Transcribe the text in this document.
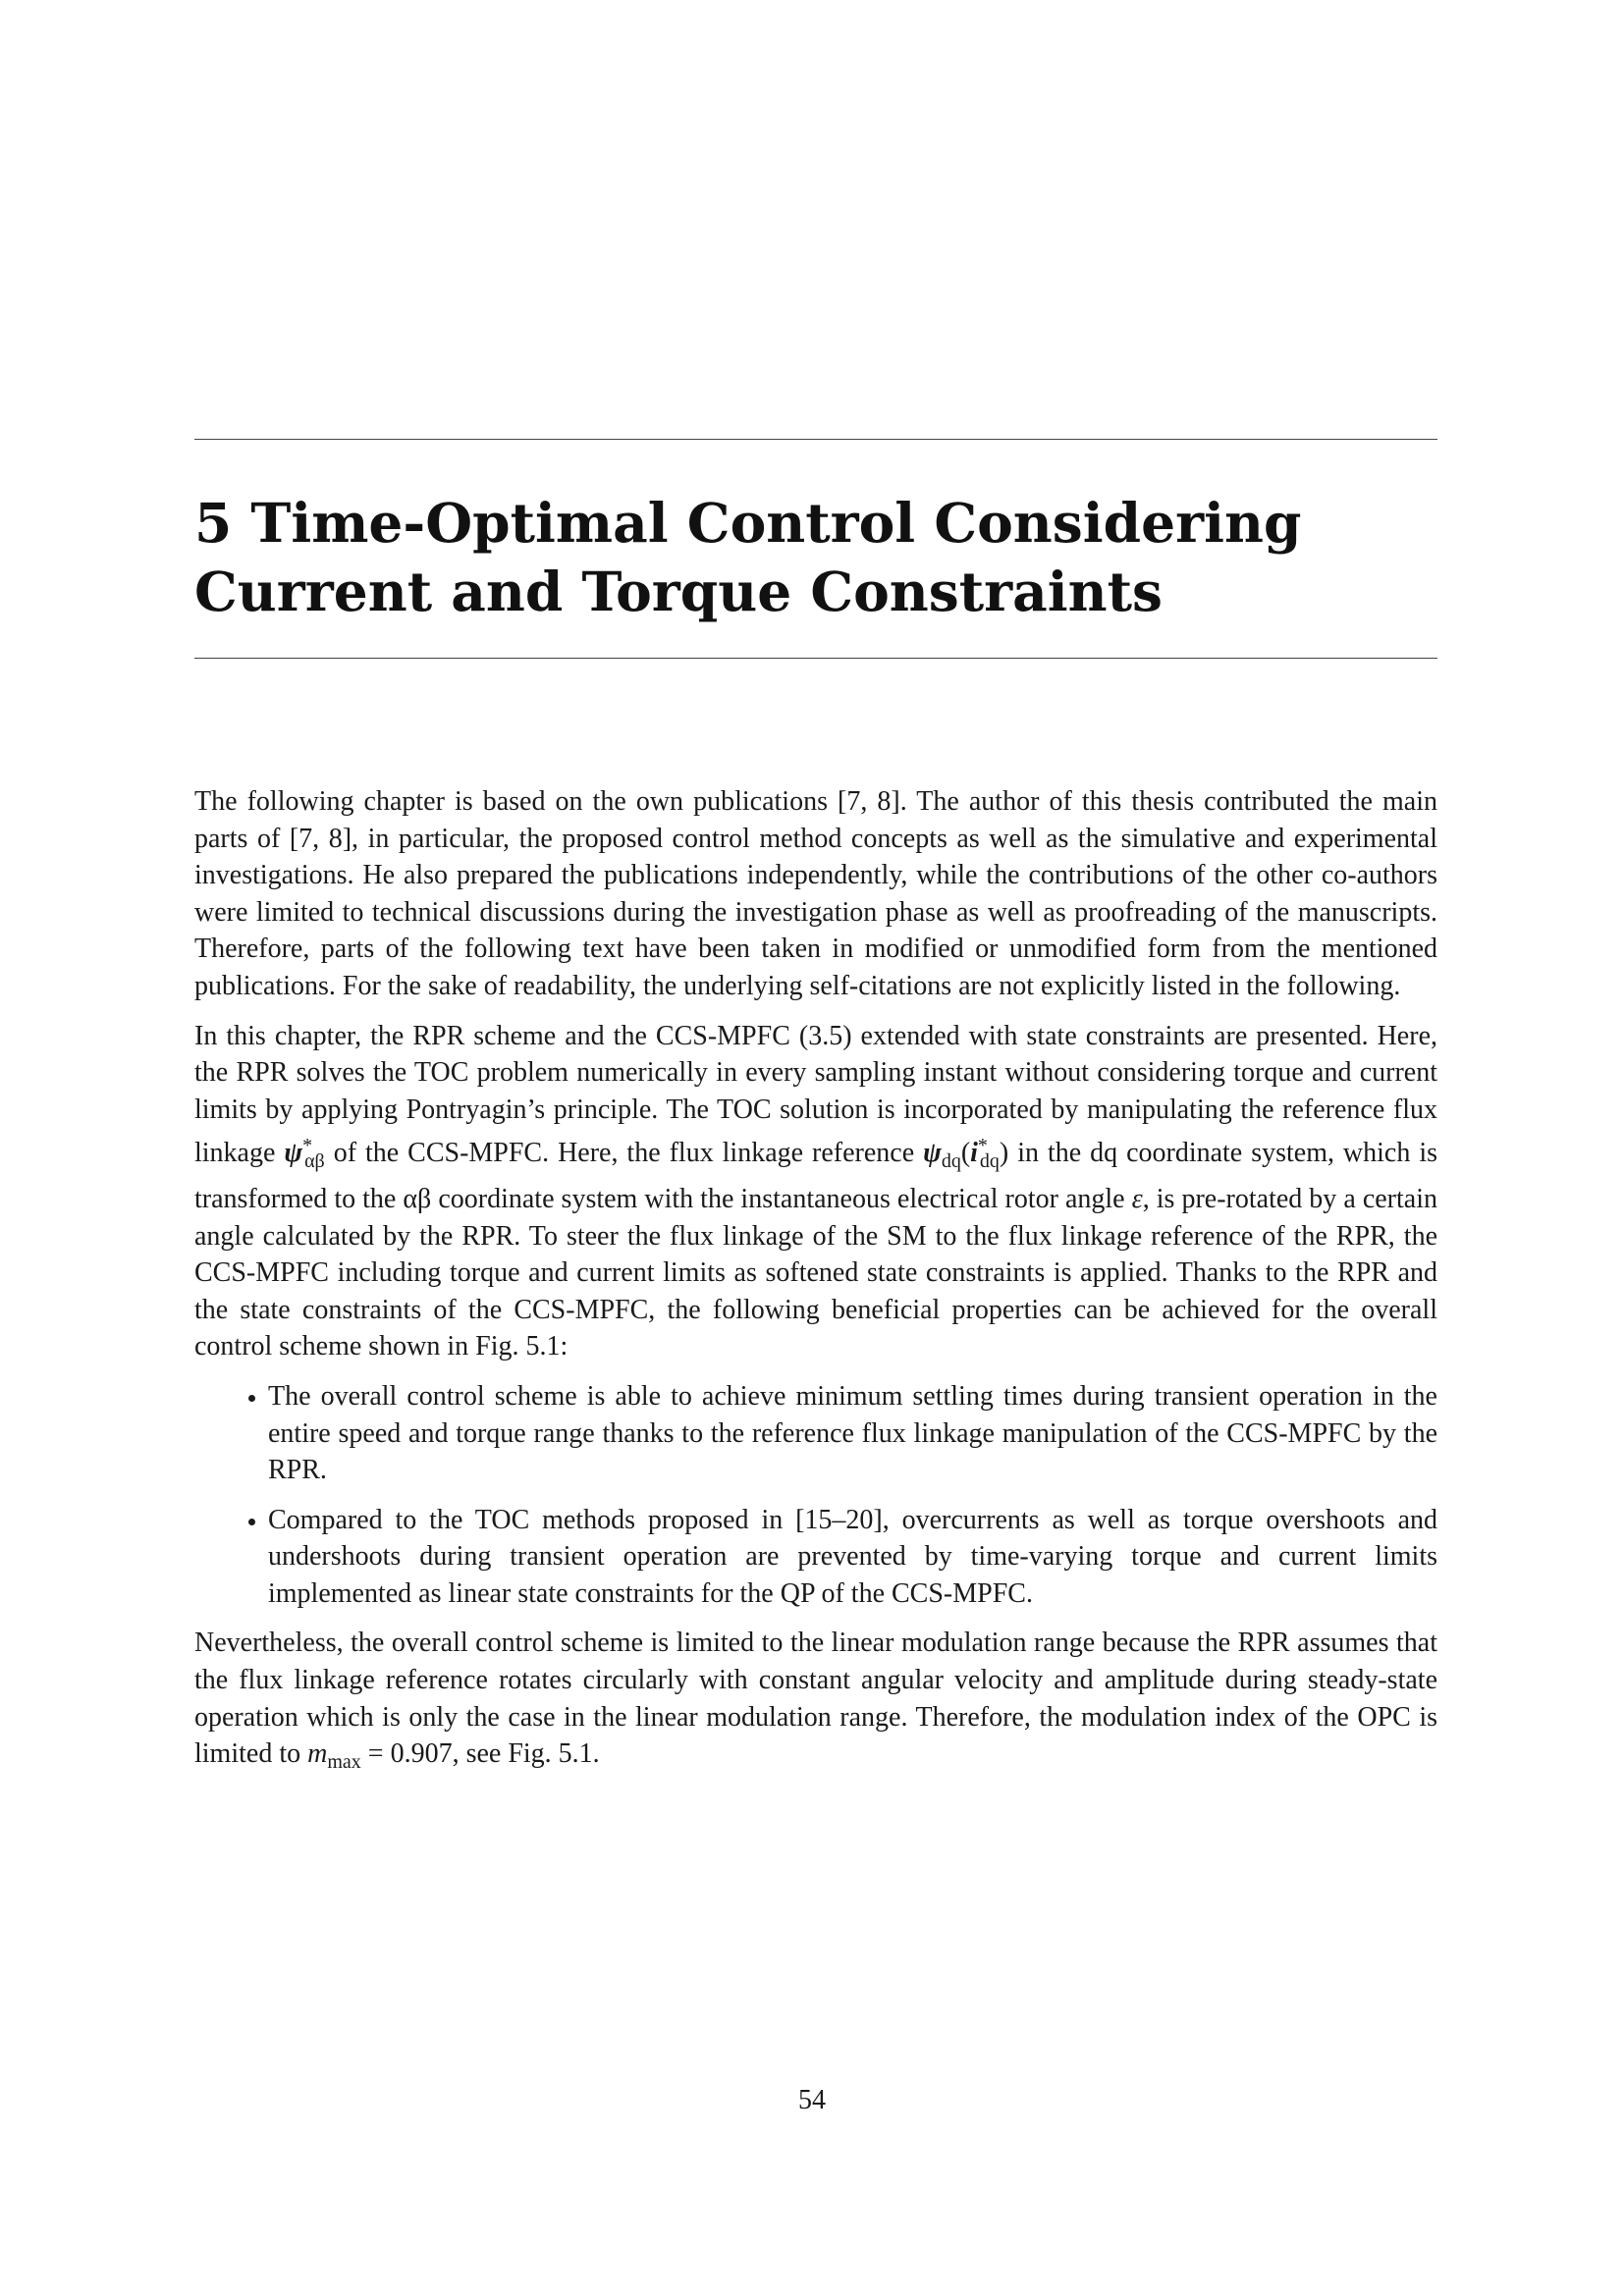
5 Time-Optimal Control Considering
Current and Torque Constraints

The following chapter is based on the own publications [7, 8]. The author of this thesis contributed the main parts of [7, 8], in particular, the proposed control method concepts as well as the simulative and experimental investigations. He also prepared the publications independently, while the contributions of the other co-authors were limited to technical discussions during the investigation phase as well as proofreading of the manuscripts. Therefore, parts of the following text have been taken in modified or unmodified form from the mentioned publications. For the sake of readability, the underlying self-citations are not explicitly listed in the following.

In this chapter, the RPR scheme and the CCS-MPFC (3.5) extended with state constraints are presented. Here, the RPR solves the TOC problem numerically in every sampling instant without considering torque and current limits by applying Pontryagin’s principle. The TOC solution is incorporated by manipulating the reference flux linkage $\psi^*_{\alpha\beta}$ of the CCS-MPFC. Here, the flux linkage reference $\psi_{dq}(i^*_{dq})$ in the dq coordinate system, which is transformed to the αβ coordinate system with the instantaneous electrical rotor angle ε, is pre-rotated by a certain angle calculated by the RPR. To steer the flux linkage of the SM to the flux linkage reference of the RPR, the CCS-MPFC including torque and current limits as softened state constraints is applied. Thanks to the RPR and the state constraints of the CCS-MPFC, the following beneficial properties can be achieved for the overall control scheme shown in Fig. 5.1:

• The overall control scheme is able to achieve minimum settling times during transient operation in the entire speed and torque range thanks to the reference flux linkage manipulation of the CCS-MPFC by the RPR.
• Compared to the TOC methods proposed in [15–20], overcurrents as well as torque overshoots and undershoots during transient operation are prevented by time-varying torque and current limits implemented as linear state constraints for the QP of the CCS-MPFC.

Nevertheless, the overall control scheme is limited to the linear modulation range because the RPR assumes that the flux linkage reference rotates circularly with constant angular velocity and amplitude during steady-state operation which is only the case in the linear modulation range. Therefore, the modulation index of the OPC is limited to $m_{max} = 0.907$, see Fig. 5.1.

54
